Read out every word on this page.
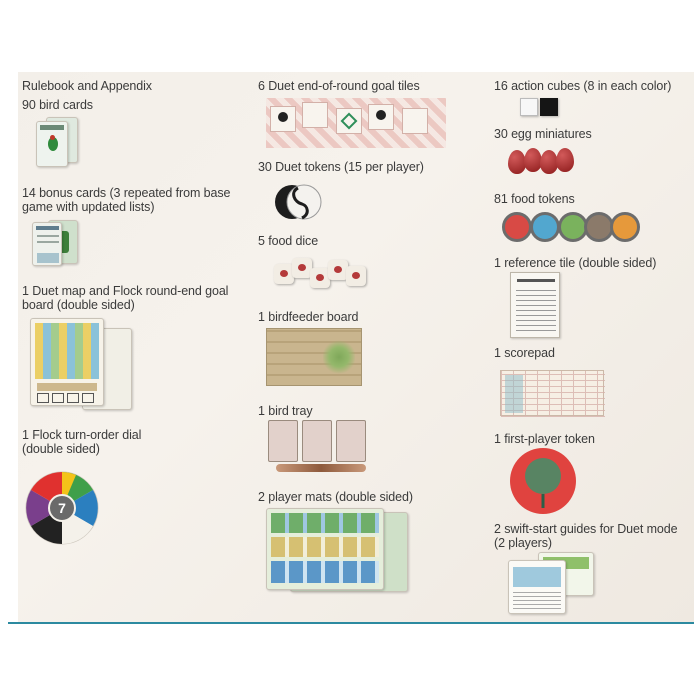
Rulebook and Appendix
90 bird cards
14 bonus cards (3 repeated from base
game with updated lists)
1 Duet map and Flock round-end goal
board (double sided)
1 Flock turn-order dial
(double sided)
7
6 Duet end-of-round goal tiles
30 Duet tokens (15 per player)
5 food dice
1 birdfeeder board
1 bird tray
2 player mats (double sided)
16 action cubes (8 in each color)
30 egg miniatures
81 food tokens
1 reference tile (double sided)
1 scorepad
1 first-player token
2 swift-start guides for Duet mode
(2 players)
